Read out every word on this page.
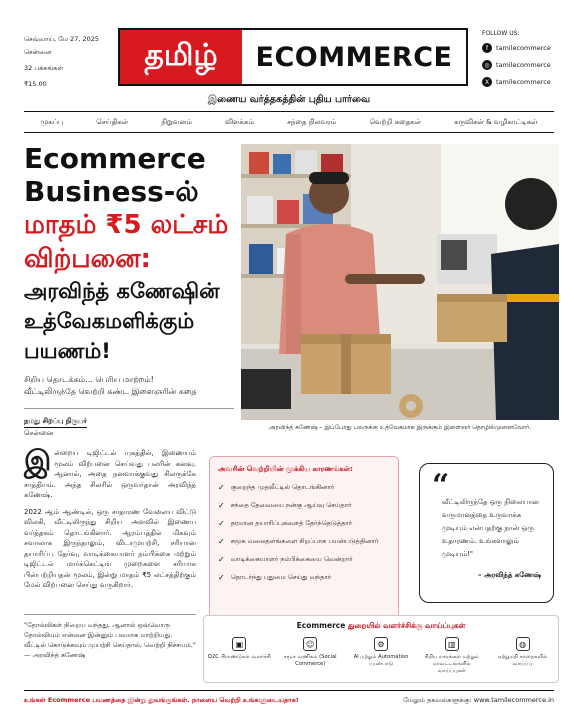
செவ்வாய், மே 27, 2025
சென்னை
32 பக்கங்கள்
₹15.00
தமிழ்	ECOMMERCE
FOLLOW US:
f	tamilecommerce
◎ tamilecommerce
X	tamilecommerce
இணைய வர்த்தகத்தின் புதிய பார்வை
முகப்பு	செய்திகள்	நிறுவனம்	விளக்கம்	சந்தை நிலவரம்	வெற்றி கதைகள்	கருவிகள் & வழிகாட்டிகள்
Ecommerce
Business-ல்
மாதம் ₹5 லட்சம்
விற்பனை:
அரவிந்த் கணேஷின்
உத்வேகமளிக்கும்
பயணம்!
சிறிய தொடக்கம்... பெரிய மாற்றம்!
வீட்டிலிருந்தே வெற்றி கண்ட இளைஞரின் கதை
நமது சிறப்பு நிருபர்
சென்னை
அரவிந்த் கணேஷ் – இப்போது பலருக்கு உத்வேகமாக இருக்கும் இளைஞர் தொழில்முனைவோர்.

இன்றைய டிஜிட்டல் யுகத்தில், இணையம் மூலம் விற்பனை செய்வது பலரின் கனவு. ஆனால், அதை நனவாக்குவது சிலருக்கே சாத்தியம். அந்த சிலரில் ஒருவர்தான் அரவிந்த் கணேஷ்.

2022 ஆம் ஆண்டில், ஒரு சாதாரண வேலைய விட்டு விலகி, வீட்டிலிருந்து சிறிய அளவில் இணைய வர்த்தகம் தொடங்கினார். ஆரம்பத்தில் மிகவும் சவாலாக இருந்தாலும், விடாமுயற்சி, சரியான தயாரிப்பு தேர்வு, வாடிக்கையாளர் நம்பிக்கை மற்றும் டிஜிட்டல் மார்க்கெட்டிங் முறைகளை சரியாக பின்பற்றியதன் மூலம், இன்று மாதம் ₹5 லட்சத்திற்கும் மேல் விற்பனை செய்து வருகிறார்.

"தோல்விகள் நிறைய வந்தது, ஆனால் ஒவ்வொரு தோல்வியும் என்னை இன்னும் பலமாக மாற்றியது. வீட்டில் கொடுக்கவும் முயற்சி செய்தால், வெற்றி நிச்சயம்." — அரவிந்த் கணேஷ்
அவரின் வெற்றியின் முக்கிய காரணங்கள்:
✓ குறைந்த முதலீட்டில் தொடங்கினார்
✓ சந்தை தேவையை நன்கு ஆய்வு செய்தார்
✓ தரமான தயாரிப்புகளைத் தேர்ந்தெடுத்தார்
✓ சமூக வலைதளங்களை சிறப்பாக பயன்படுத்தினார்
✓ வாடிக்கையாளர் நம்பிக்கையை வென்றார்
✓ தொடர்ந்து புதுமை செய்து வந்தார்
“
வீட்டிலிருந்தே ஒரு நிலையான வருமானத்தை உருவாக்க முடியும் என்பதற்கு நான் ஒரு உதாரணம். உங்களாலும் முடியும்!"
– அரவிந்த் கணேஷ்
Ecommerce துறையில் வளர்ச்சிக்கு வாய்ப்புகள்
▣
D2C பிராண்டுகள் வளர்ச்சி
☺
சமூக வணிகம் (Social Commerce)
⚙
AI மற்றும் Automation பயன்பாடு
▥
சிறிய நகரங்கள் மற்றும் மாவட்டங்களில் வாய்ப்புகள்
◍
ஏற்றுமதி சந்தைகளில் வாய்ப்பு
உங்கள் Ecommerce பயணத்தை இன்று துவங்குங்கள். நாளைய வெற்றி உங்களுடையதாக!	மேலும் தகவல்களுக்கு: www.tamilecommerce.in
